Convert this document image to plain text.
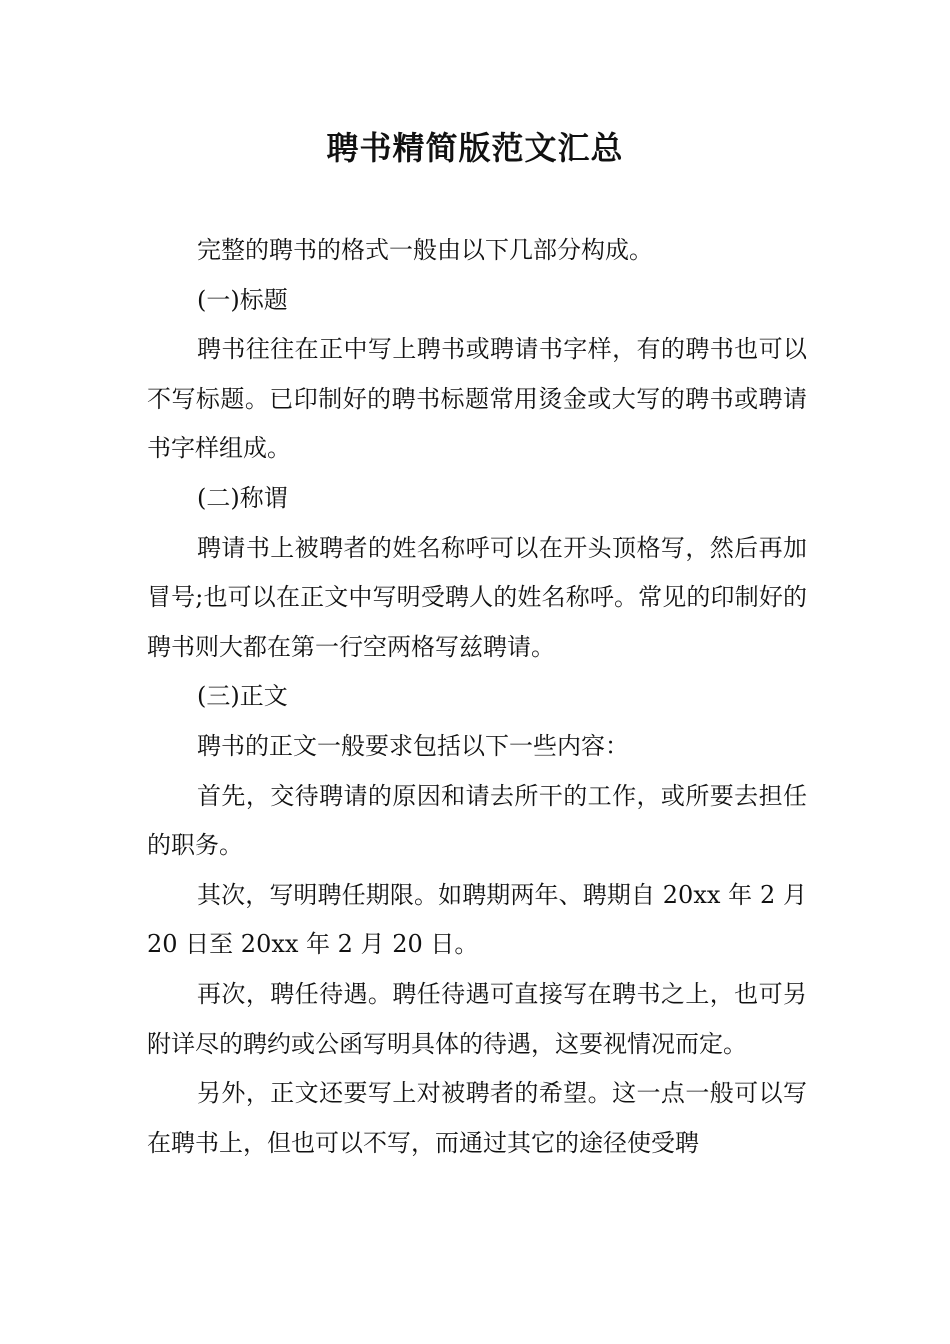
聘书精简版范文汇总

完整的聘书的格式一般由以下几部分构成。

(一)标题

聘书往往在正中写上聘书或聘请书字样，有的聘书也可以不写标题。已印制好的聘书标题常用烫金或大写的聘书或聘请书字样组成。

(二)称谓

聘请书上被聘者的姓名称呼可以在开头顶格写，然后再加冒号;也可以在正文中写明受聘人的姓名称呼。常见的印制好的聘书则大都在第一行空两格写兹聘请。

(三)正文

聘书的正文一般要求包括以下一些内容：

首先，交待聘请的原因和请去所干的工作，或所要去担任的职务。

其次，写明聘任期限。如聘期两年、聘期自 20xx 年 2 月 20 日至 20xx 年 2 月 20 日。

再次，聘任待遇。聘任待遇可直接写在聘书之上，也可另附详尽的聘约或公函写明具体的待遇，这要视情况而定。

另外，正文还要写上对被聘者的希望。这一点一般可以写在聘书上，但也可以不写，而通过其它的途径使受聘
